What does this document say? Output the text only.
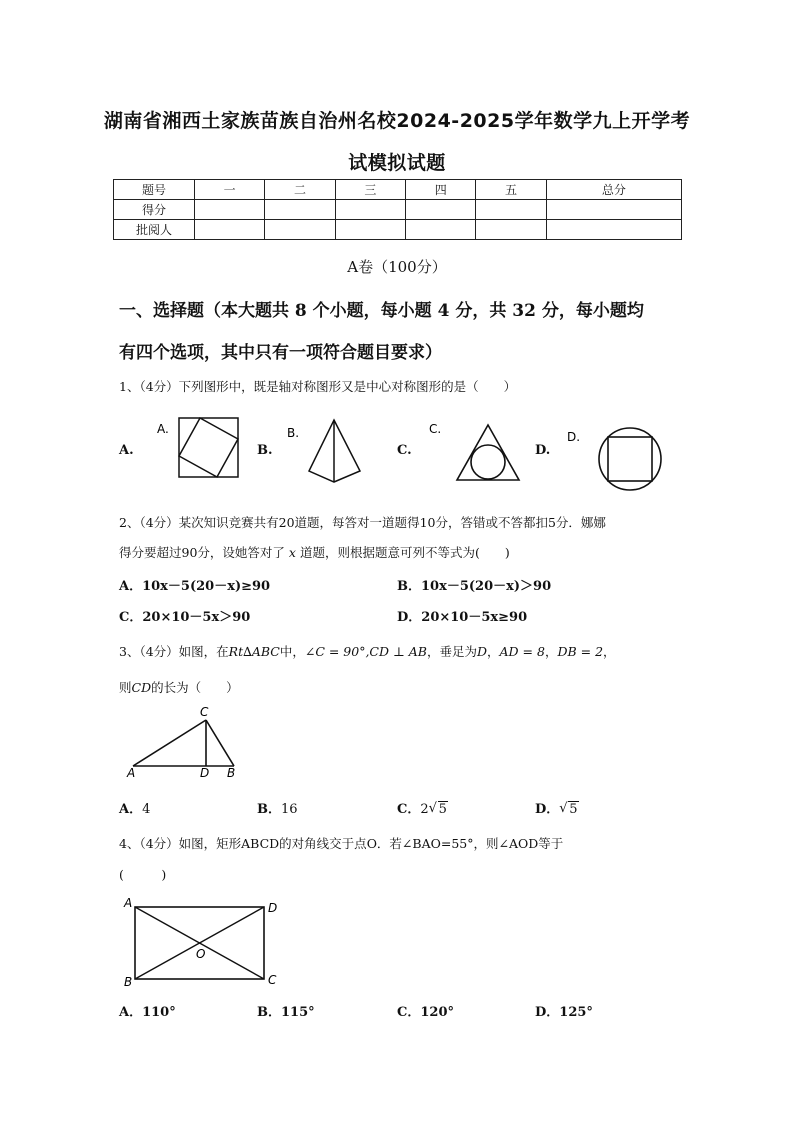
湖南省湘西土家族苗族自治州名校2024-2025学年数学九上开学考
试模拟试题
题号	一	二	三	四	五	总分
得分						
批阅人						
A卷（100分）
一、选择题（本大题共 8 个小题，每小题 4 分，共 32 分，每小题均
有四个选项，其中只有一项符合题目要求）
1、（4分）下列图形中，既是轴对称图形又是中心对称图形的是（　　）
A.	B.	C.	D.
A.	B.	C.
D.
C
A	D B
A	D
O
B	C
2、（4分）某次知识竞赛共有20道题，每答对一道题得10分，答错或不答都扣5分．娜娜
得分要超过90分，设她答对了 x 道题，则根据题意可列不等式为(　　)
A．10x－5(20－x)≥90	B．10x－5(20－x)＞90
C．20×10－5x＞90	D．20×10－5x≥90
3、（4分）如图，在Rt∆ABC中，∠C = 90°,CD ⊥ AB，垂足为D，AD = 8，DB = 2，
则CD的长为（　　）
A．4	B．16	C．2 √ 5	D． √ 5
4、（4分）如图，矩形ABCD的对角线交于点O．若∠BAO=55°，则∠AOD等于
(　　　)
A．110°	B．115°	C．120°	D．125°
